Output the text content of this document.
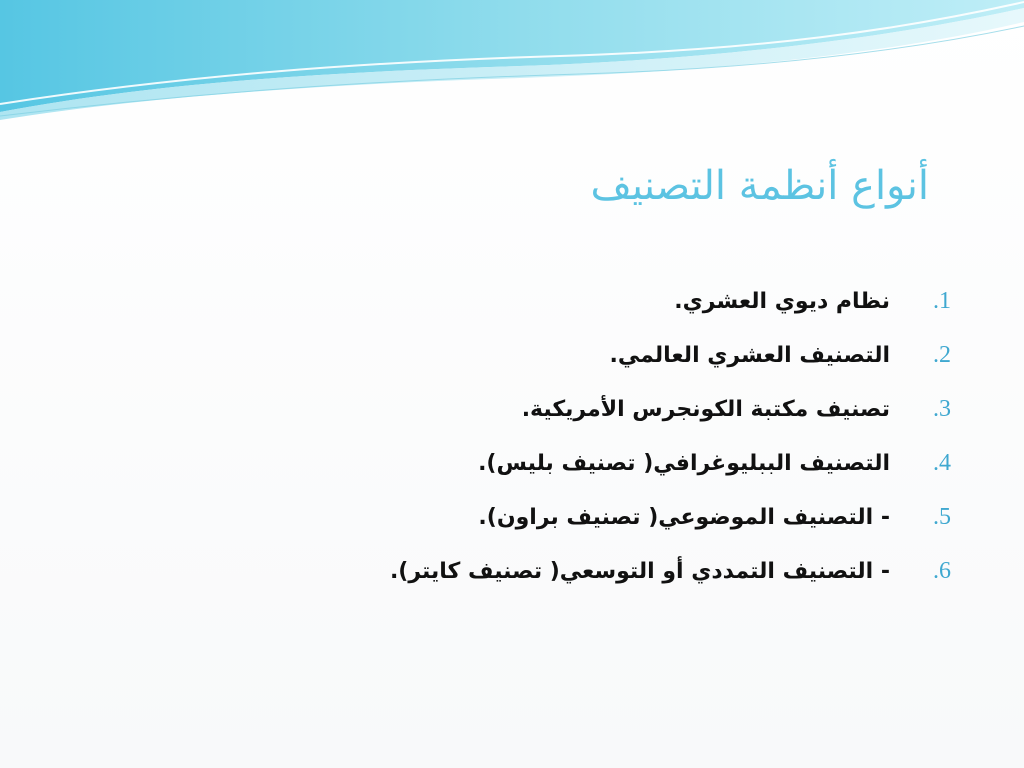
أنواع أنظمة التصنيف
1.
نظام ديوي العشري.
2.
التصنيف العشري العالمي.
3.
تصنيف مكتبة الكونجرس الأمريكية.
4.
التصنيف الببليوغرافي( تصنيف بليس).
5.
- التصنيف الموضوعي( تصنيف براون).
6.
- التصنيف التمددي أو التوسعي( تصنيف كايتر).
